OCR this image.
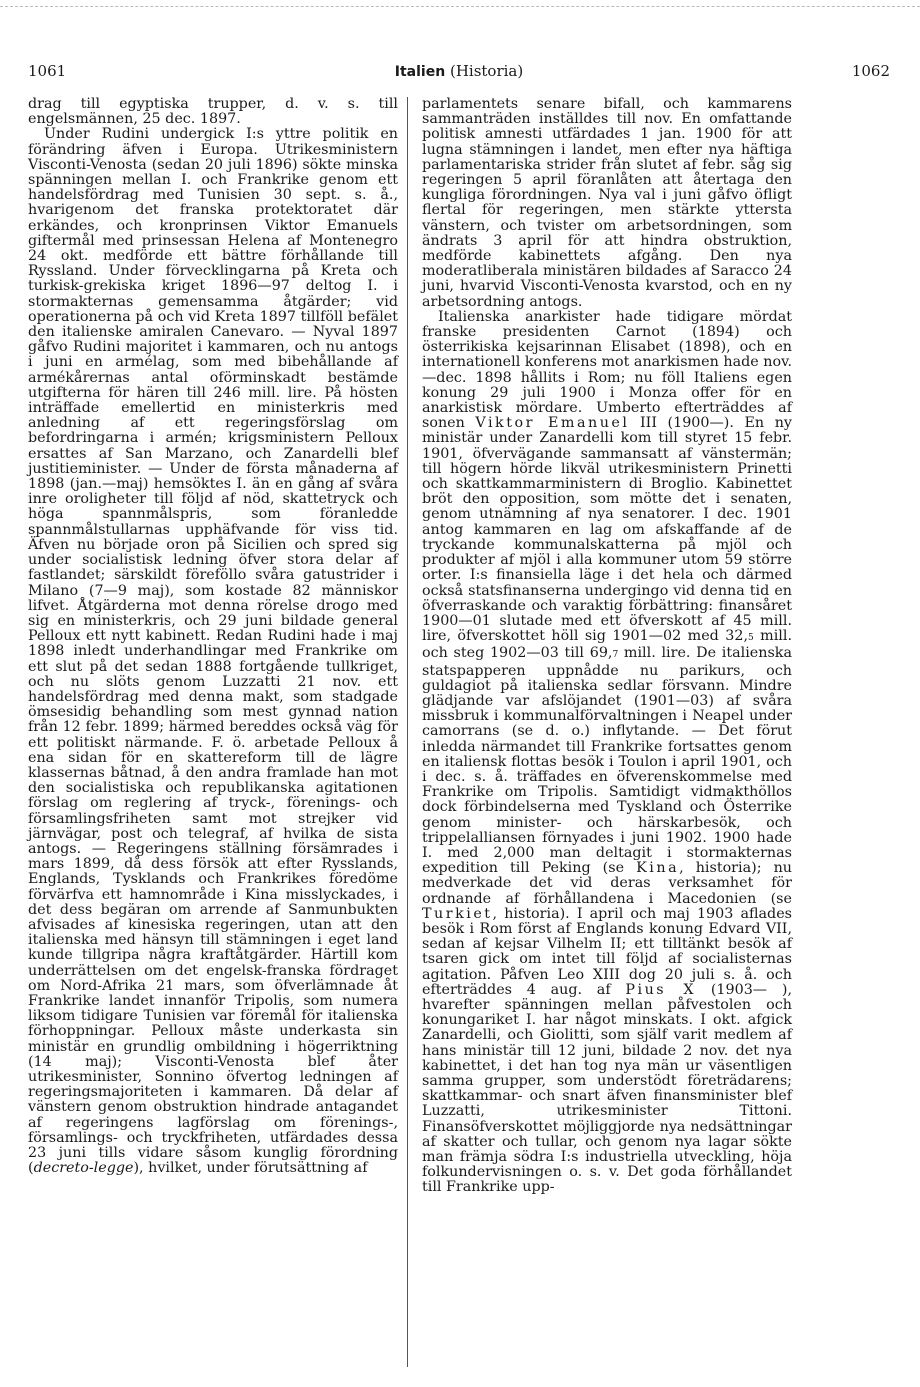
1061	Italien (Historia)	1062

drag till egyptiska trupper, d. v. s. till engelsmännen, 25 dec. 1897.

Under Rudini undergick I:s yttre politik en förändring äfven i Europa. Utrikesministern Visconti-Venosta (sedan 20 juli 1896) sökte minska spänningen mellan I. och Frankrike genom ett handelsfördrag med Tunisien 30 sept. s. å., hvarigenom det franska protektoratet där erkändes, och kronprinsen Viktor Emanuels giftermål med prinsessan Helena af Montenegro 24 okt. medförde ett bättre förhållande till Ryssland. Under förvecklingarna på Kreta och turkisk-grekiska kriget 1896—97 deltog I. i stormakternas gemensamma åtgärder; vid operationerna på och vid Kreta 1897 tillföll befälet den italienske amiralen Canevaro. — Nyval 1897 gåfvo Rudini majoritet i kammaren, och nu antogs i juni en armélag, som med bibehållande af armékårernas antal oförminskadt bestämde utgifterna för hären till 246 mill. lire. På hösten inträffade emellertid en ministerkris med anledning af ett regeringsförslag om befordringarna i armén; krigsministern Pelloux ersattes af San Marzano, och Zanardelli blef justitieminister. — Under de första månaderna af 1898 (jan.—maj) hemsöktes I. än en gång af svåra inre oroligheter till följd af nöd, skattetryck och höga spannmålspris, som föranledde spannmålstullarnas upphäfvande för viss tid. Äfven nu började oron på Sicilien och spred sig under socialistisk ledning öfver stora delar af fastlandet; särskildt föreföllo svåra gatustrider i Milano (7—9 maj), som kostade 82 människor lifvet. Åtgärderna mot denna rörelse drogo med sig en ministerkris, och 29 juni bildade general Pelloux ett nytt kabinett. Redan Rudini hade i maj 1898 inledt underhandlingar med Frankrike om ett slut på det sedan 1888 fortgående tullkriget, och nu slöts genom Luzzatti 21 nov. ett handelsfördrag med denna makt, som stadgade ömsesidig behandling som mest gynnad nation från 12 febr. 1899; härmed bereddes också väg för ett politiskt närmande. F. ö. arbetade Pelloux å ena sidan för en skattereform till de lägre klassernas båtnad, å den andra framlade han mot den socialistiska och republikanska agitationen förslag om reglering af tryck-, förenings- och församlingsfriheten samt mot strejker vid järnvägar, post och telegraf, af hvilka de sista antogs. — Regeringens ställning försämrades i mars 1899, då dess försök att efter Rysslands, Englands, Tysklands och Frankrikes föredöme förvärfva ett hamnområde i Kina misslyckades, i det dess begäran om arrende af Sanmunbukten afvisades af kinesiska regeringen, utan att den italienska med hänsyn till stämningen i eget land kunde tillgripa några kraftåtgärder. Härtill kom underrättelsen om det engelsk-franska fördraget om Nord-Afrika 21 mars, som öfverlämnade åt Frankrike landet innanför Tripolis, som numera liksom tidigare Tunisien var föremål för italienska förhoppningar. Pelloux måste underkasta sin ministär en grundlig ombildning i högerriktning (14 maj); Visconti-Venosta blef åter utrikesminister, Sonnino öfvertog ledningen af regeringsmajoriteten i kammaren. Då delar af vänstern genom obstruktion hindrade antagandet af regeringens lagförslag om förenings-, församlings- och tryckfriheten, utfärdades dessa 23 juni tills vidare såsom kunglig förordning (decreto-legge), hvilket, under förutsättning af

parlamentets senare bifall, och kammarens sammanträden inställdes till nov. En omfattande politisk amnesti utfärdades 1 jan. 1900 för att lugna stämningen i landet, men efter nya häftiga parlamentariska strider från slutet af febr. såg sig regeringen 5 april föranlåten att återtaga den kungliga förordningen. Nya val i juni gåfvo öfligt flertal för regeringen, men stärkte yttersta vänstern, och tvister om arbetsordningen, som ändrats 3 april för att hindra obstruktion, medförde kabinettets afgång. Den nya moderatliberala ministären bildades af Saracco 24 juni, hvarvid Visconti-Venosta kvarstod, och en ny arbetsordning antogs.

Italienska anarkister hade tidigare mördat franske presidenten Carnot (1894) och österrikiska kejsarinnan Elisabet (1898), och en internationell konferens mot anarkismen hade nov.—dec. 1898 hållits i Rom; nu föll Italiens egen konung 29 juli 1900 i Monza offer för en anarkistisk mördare. Umberto efterträddes af sonen Viktor Emanuel III (1900—). En ny ministär under Zanardelli kom till styret 15 febr. 1901, öfvervägande sammansatt af vänstermän; till högern hörde likväl utrikesministern Prinetti och skattkammarministern di Broglio. Kabinettet bröt den opposition, som mötte det i senaten, genom utnämning af nya senatorer. I dec. 1901 antog kammaren en lag om afskaffande af de tryckande kommunalskatterna på mjöl och produkter af mjöl i alla kommuner utom 59 större orter. I:s finansiella läge i det hela och därmed också statsfinanserna undergingo vid denna tid en öfverraskande och varaktig förbättring: finansåret 1900—01 slutade med ett öfverskott af 45 mill. lire, öfverskottet höll sig 1901—02 med 32,5 mill. och steg 1902—03 till 69,7 mill. lire. De italienska statspapperen uppnådde nu parikurs, och guldagiot på italienska sedlar försvann. Mindre glädjande var afslöjandet (1901—03) af svåra missbruk i kommunalförvaltningen i Neapel under camorrans (se d. o.) inflytande. — Det förut inledda närmandet till Frankrike fortsattes genom en italiensk flottas besök i Toulon i april 1901, och i dec. s. å. träffades en öfverenskommelse med Frankrike om Tripolis. Samtidigt vidmakthöllos dock förbindelserna med Tyskland och Österrike genom minister- och härskarbesök, och trippelalliansen förnyades i juni 1902. 1900 hade I. med 2,000 man deltagit i stormakternas expedition till Peking (se Kina, historia); nu medverkade det vid deras verksamhet för ordnande af förhållandena i Macedonien (se Turkiet, historia). I april och maj 1903 aflades besök i Rom först af Englands konung Edvard VII, sedan af kejsar Vilhelm II; ett tilltänkt besök af tsaren gick om intet till följd af socialisternas agitation. Påfven Leo XIII dog 20 juli s. å. och efterträddes 4 aug. af Pius X (1903— ), hvarefter spänningen mellan påfvestolen och konungariket I. har något minskats. I okt. afgick Zanardelli, och Giolitti, som själf varit medlem af hans ministär till 12 juni, bildade 2 nov. det nya kabinettet, i det han tog nya män ur väsentligen samma grupper, som understödt företrädarens; skattkammar- och snart äfven finansminister blef Luzzatti, utrikesminister Tittoni. Finansöfverskottet möjliggjorde nya nedsättningar af skatter och tullar, och genom nya lagar sökte man främja södra I:s industriella utveckling, höja folkundervisningen o. s. v. Det goda förhållandet till Frankrike upp-
